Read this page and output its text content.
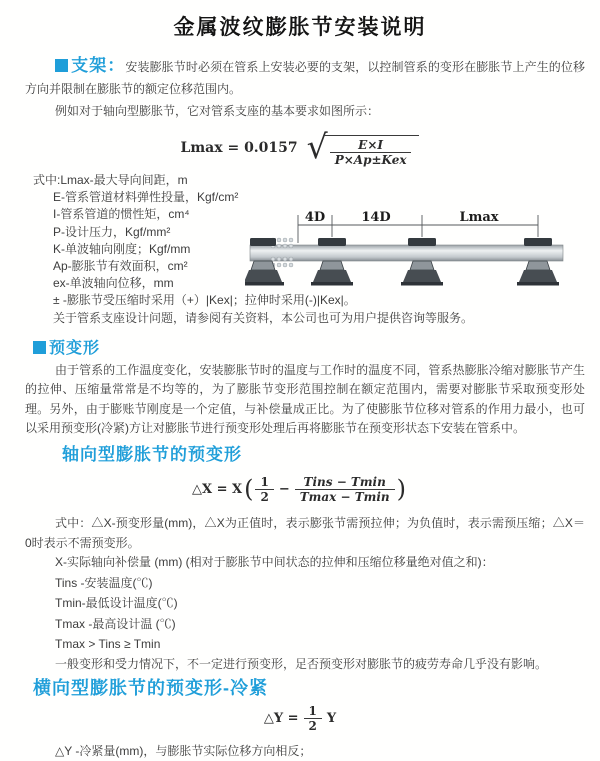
金属波纹膨胀节安装说明

支架：安装膨胀节时必须在管系上安装必要的支架，以控制管系的变形在膨胀节上产生的位移方向并限制在膨胀节的额定位移范围内。

例如对于轴向型膨胀节，它对管系支座的基本要求如图所示：

Lmax = 0.0157 √ $\frac{E\times I}{\text{P×Ap±Kex}}$
式中:Lmax-最大导向间距，m
E-管系管道材料弹性投量，Kgf/cm²
I-管系管道的惯性矩，cm⁴
P-设计压力，Kgf/mm²
K-单波轴向刚度；Kgf/mm
Ap-膨胀节有效面积，cm²
ex-单波轴向位移，mm
± -膨胀节受压缩时采用（+）|Kex|；拉伸时采用(-)|Kex|。
关于管系支座设计问题，请参阅有关资料，本公司也可为用户提供咨询等服务。
4D	14D	Lmax
预变形

由于管系的工作温度变化，安装膨胀节时的温度与工作时的温度不同，管系热膨胀冷缩对膨胀节产生的拉伸、压缩量常常是不均等的，为了膨胀节变形范围控制在额定范围内，需要对膨胀节采取预变形处理。另外，由于膨账节刚度是一个定值，与补偿量成正比。为了使膨胀节位移对管系的作用力最小，也可以采用预变形(冷紧)方让对膨胀节进行预变形处理后再将膨胀节在预变形状态下安装在管系中。

轴向型膨胀节的预变形
△X = X ( $\frac{1}{2} - \frac{\text{Tins − Tmin}}{Tmax - Tmin}$ )

式中：△X-预变形量(mm)，△X为正值时，表示膨张节需预拉伸；为负值时，表示需预压缩；△X＝0时表示不需预变形。

X-实际轴向补偿量 (mm) (相对于膨胀节中间状态的拉伸和压缩位移量绝对值之和)：

Tins -安装温度(℃)
Tmin-最低设计温度(℃)
Tmax -最高设计温 (℃)
Tmax > Tins ≥ Tmin

一般变形和受力情况下，不一定进行预变形，足否预变形对膨胀节的疲劳寿命几乎没有影响。

横向型膨胀节的预变形-冷紧
△Y = $\frac{1}{2}$ Y

△Y -冷紧量(mm)，与膨胀节实际位移方向相反；
